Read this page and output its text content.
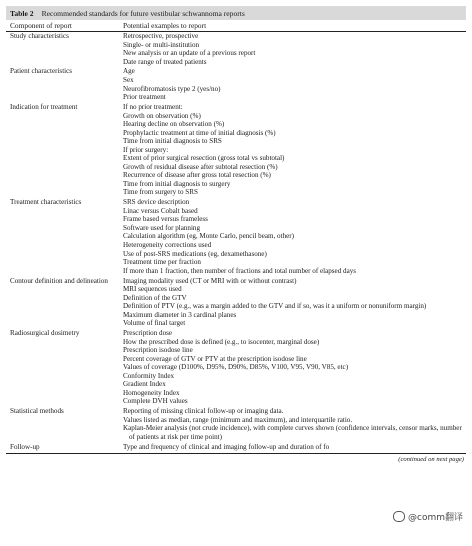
Table 2 Recommended standards for future vestibular schwannoma reports
Component of report	Potential examples to report
Study characteristics	Retrospective, prospective
Single- or multi-institution
New analysis or an update of a previous report
Date range of treated patients
Patient characteristics	Age
Sex
Neurofibromatosis type 2 (yes/no)
Prior treatment
Indication for treatment	If no prior treatment:
Growth on observation (%)
Hearing decline on observation (%)
Prophylactic treatment at time of initial diagnosis (%)
Time from initial diagnosis to SRS
If prior surgery:
Extent of prior surgical resection (gross total vs subtotal)
Growth of residual disease after subtotal resection (%)
Recurrence of disease after gross total resection (%)
Time from initial diagnosis to surgery
Time from surgery to SRS
Treatment characteristics	SRS device description
Linac versus Cobalt based
Frame based versus frameless
Software used for planning
Calculation algorithm (eg, Monte Carlo, pencil beam, other)
Heterogeneity corrections used
Use of post-SRS medications (eg, dexamethasone)
Treatment time per fraction
If more than 1 fraction, then number of fractions and total number of elapsed days
Contour definition and delineation	Imaging modality used (CT or MRI with or without contrast)
MRI sequences used
Definition of the GTV
Definition of PTV (e.g., was a margin added to the GTV and if so, was it a uniform or nonuniform margin)
Maximum diameter in 3 cardinal planes
Volume of final target
Radiosurgical dosimetry	Prescription dose
How the prescribed dose is defined (e.g., to isocenter, marginal dose)
Prescription isodose line
Percent coverage of GTV or PTV at the prescription isodose line
Values of coverage (D100%, D95%, D90%, D85%, V100, V95, V90, V85, etc)
Conformity Index
Gradient Index
Homogeneity Index
Complete DVH values
Statistical methods	Reporting of missing clinical follow-up or imaging data.
Values listed as median, range (minimum and maximum), and interquartile ratio.
Kaplan-Meier analysis (not crude incidence), with complete curves shown (confidence intervals, censor marks, number of patients at risk per time point)
Follow-up	Type and frequency of clinical and imaging follow-up and duration of fo
(continued on next page)
@comm翻译
